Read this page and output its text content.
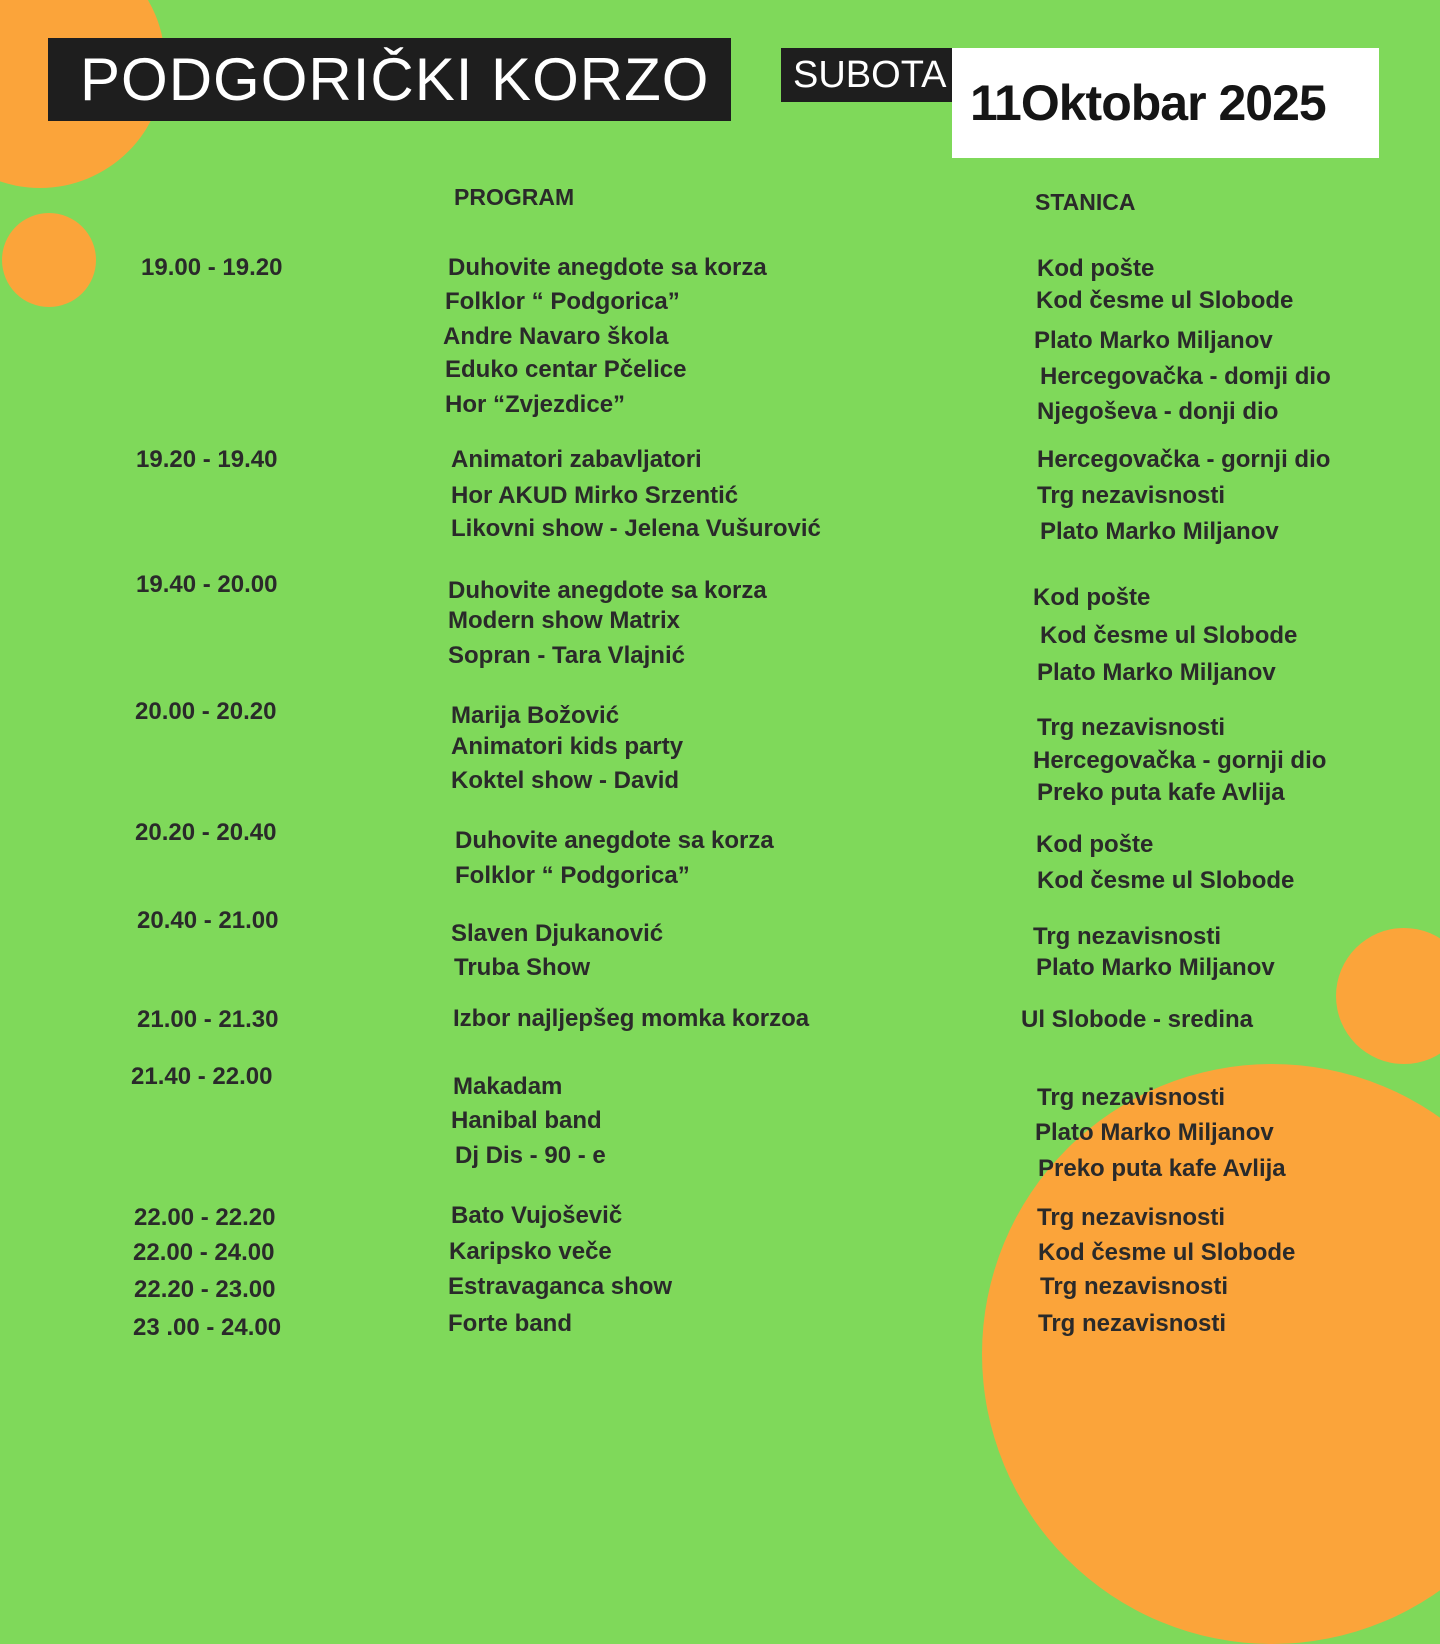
PODGORIČKI KORZO	SUBOTA
11Oktobar 2025
PROGRAM	STANICA
19.00 - 19.20
19.20 - 19.40
19.40 - 20.00
20.00 - 20.20
20.20 - 20.40
20.40 - 21.00
21.00 - 21.30
21.40 - 22.00
22.00 - 22.20
22.00 - 24.00
22.20 - 23.00
23 .00 - 24.00
Duhovite anegdote sa korza
Folklor “ Podgorica”
Andre Navaro škola
Eduko centar Pčelice
Hor “Zvjezdice”
Animatori zabavljatori
Hor AKUD Mirko Srzentić
Likovni show - Jelena Vušurović
Duhovite anegdote sa korza
Modern show Matrix
Sopran - Tara Vlajnić
Marija Božović
Animatori kids party
Koktel show - David
Duhovite anegdote sa korza
Folklor “ Podgorica”
Slaven Djukanović
Truba Show
Izbor najljepšeg momka korzoa
Makadam
Hanibal band
Dj Dis - 90 - e
Bato Vujoševič
Karipsko veče
Estravaganca show
Forte band
Kod pošte
Kod česme ul Slobode
Plato Marko Miljanov
Hercegovačka - domji dio
Njegoševa - donji dio
Hercegovačka - gornji dio
Trg nezavisnosti
Plato Marko Miljanov
Kod pošte
Kod česme ul Slobode
Plato Marko Miljanov
Trg nezavisnosti
Hercegovačka - gornji dio
Preko puta kafe Avlija
Kod pošte
Kod česme ul Slobode
Trg nezavisnosti
Plato Marko Miljanov
Ul Slobode - sredina
Trg nezavisnosti
Plato Marko Miljanov
Preko puta kafe Avlija
Trg nezavisnosti
Kod česme ul Slobode
Trg nezavisnosti
Trg nezavisnosti
